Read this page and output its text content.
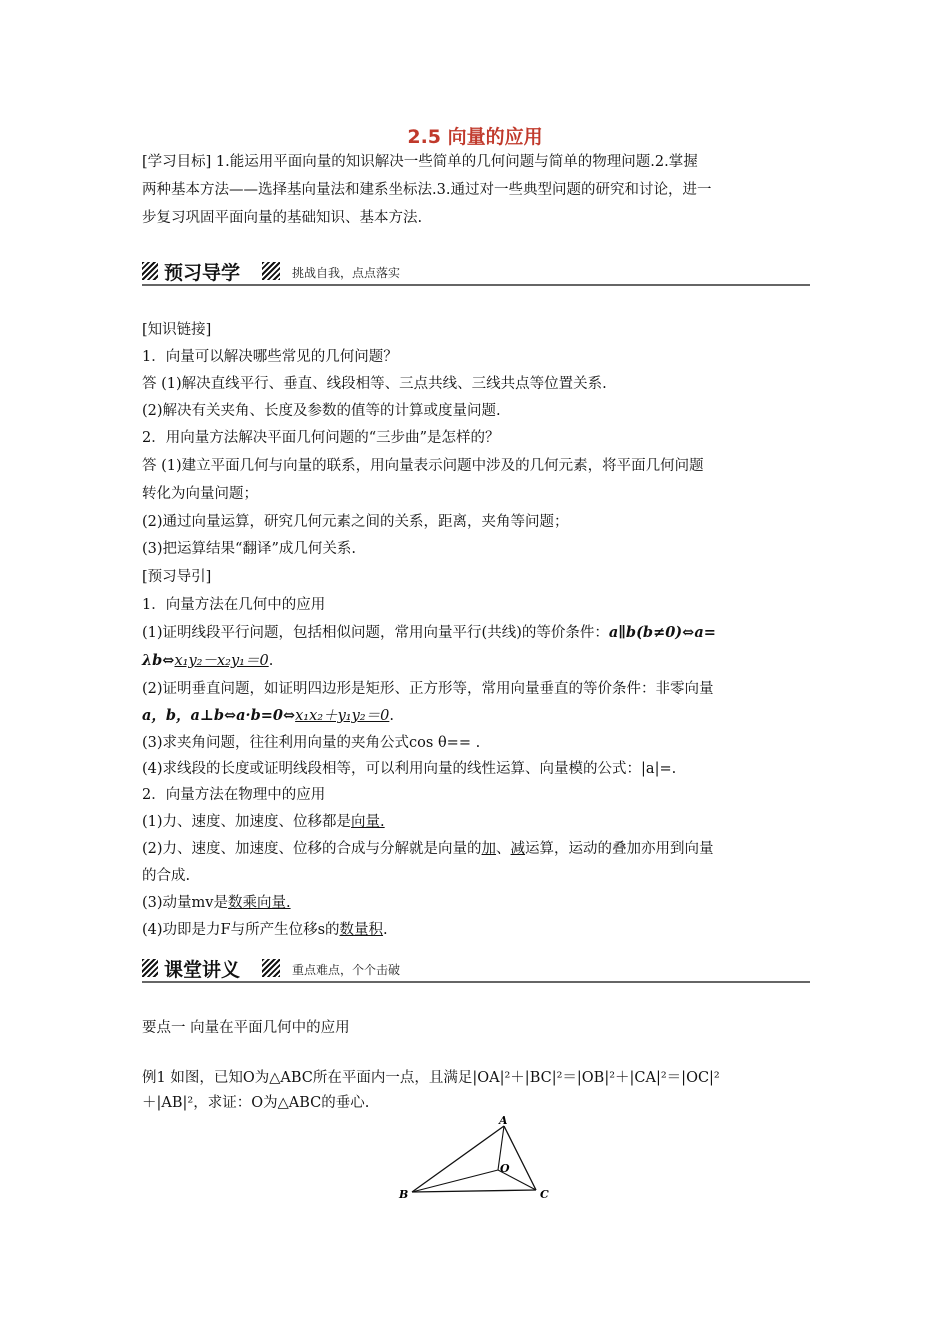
2.5 向量的应用
[学习目标] 1.能运用平面向量的知识解决一些简单的几何问题与简单的物理问题.2.掌握
两种基本方法——选择基向量法和建系坐标法.3.通过对一些典型问题的研究和讨论，进一
步复习巩固平面向量的基础知识、基本方法.
预习导学	挑战自我，点点落实
[知识链接]
1．向量可以解决哪些常见的几何问题？
答 (1)解决直线平行、垂直、线段相等、三点共线、三线共点等位置关系.
(2)解决有关夹角、长度及参数的值等的计算或度量问题.
2．用向量方法解决平面几何问题的“三步曲”是怎样的？
答 (1)建立平面几何与向量的联系，用向量表示问题中涉及的几何元素，将平面几何问题
转化为向量问题；
(2)通过向量运算，研究几何元素之间的关系，距离，夹角等问题；
(3)把运算结果“翻译”成几何关系.
[预习导引]
1．向量方法在几何中的应用
(1)证明线段平行问题，包括相似问题，常用向量平行(共线)的等价条件：a∥b(b≠0)⇔a=
λb⇔x₁y₂－x₂y₁＝0.
(2)证明垂直问题，如证明四边形是矩形、正方形等，常用向量垂直的等价条件：非零向量
a，b，a⊥b⇔a·b=0⇔x₁x₂＋y₁y₂＝0.
(3)求夹角问题，往往利用向量的夹角公式cos θ== .
(4)求线段的长度或证明线段相等，可以利用向量的线性运算、向量模的公式：|a|=.
2．向量方法在物理中的应用
(1)力、速度、加速度、位移都是向量.
(2)力、速度、加速度、位移的合成与分解就是向量的加、减运算，运动的叠加亦用到向量
的合成.
(3)动量mv是数乘向量.
(4)功即是力F与所产生位移s的数量积.
课堂讲义	重点难点，个个击破
要点一 向量在平面几何中的应用
例1 如图，已知O为△ABC所在平面内一点，且满足|OA|²＋|BC|²＝|OB|²＋|CA|²＝|OC|²
＋|AB|²，求证：O为△ABC的垂心.
A
O
B	C
